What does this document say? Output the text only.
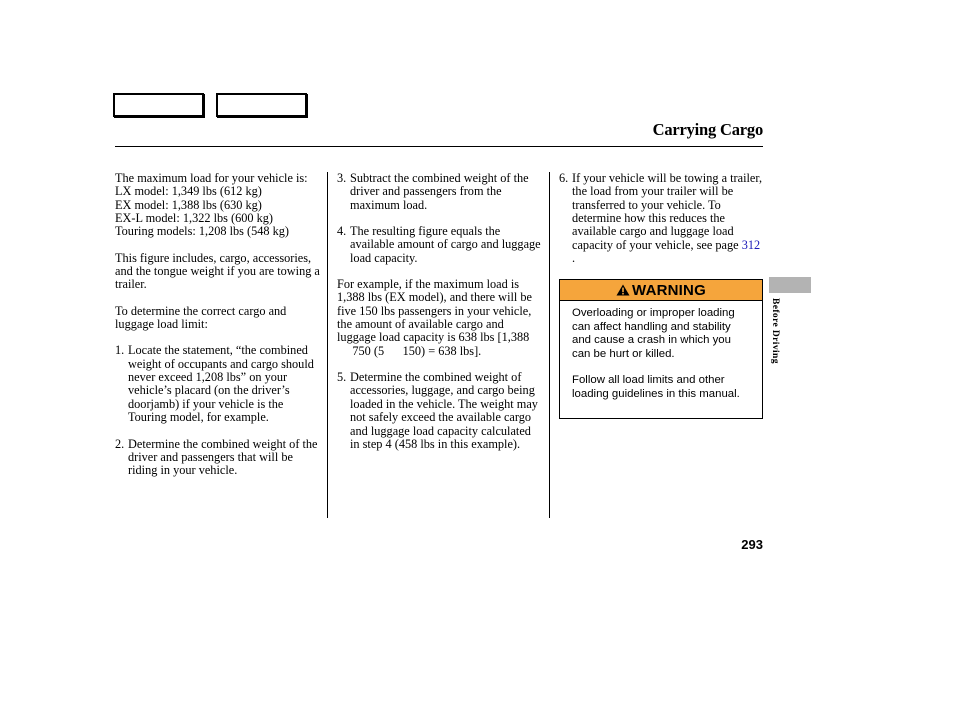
Carrying Cargo

The maximum load for your vehicle is:
LX model: 1,349 lbs (612 kg)
EX model: 1,388 lbs (630 kg)
EX-L model: 1,322 lbs (600 kg)
Touring models: 1,208 lbs (548 kg)

This figure includes, cargo, accessories, and the tongue weight if you are towing a trailer.

To determine the correct cargo and luggage load limit:

1. Locate the statement, “the combined weight of occupants and cargo should never exceed 1,208 lbs” on your vehicle’s placard (on the driver’s doorjamb) if your vehicle is the Touring model, for example.
2. Determine the combined weight of the driver and passengers that will be riding in your vehicle.
3. Subtract the combined weight of the driver and passengers from the maximum load.
4. The resulting figure equals the available amount of cargo and luggage load capacity.

For example, if the maximum load is 1,388 lbs (EX model), and there will be five 150 lbs passengers in your vehicle, the amount of available cargo and luggage load capacity is 638 lbs [1,388   750 (5   150) = 638 lbs].

5. Determine the combined weight of accessories, luggage, and cargo being loaded in the vehicle. The weight may not safely exceed the available cargo and luggage load capacity calculated in step 4 (458 lbs in this example).
6. If your vehicle will be towing a trailer, the load from your trailer will be transferred to your vehicle. To determine how this reduces the available cargo and luggage load capacity of your vehicle, see page 312 .
WARNING

Overloading or improper loading can affect handling and stability and cause a crash in which you can be hurt or killed.

Follow all load limits and other loading guidelines in this manual.

Before Driving
293
